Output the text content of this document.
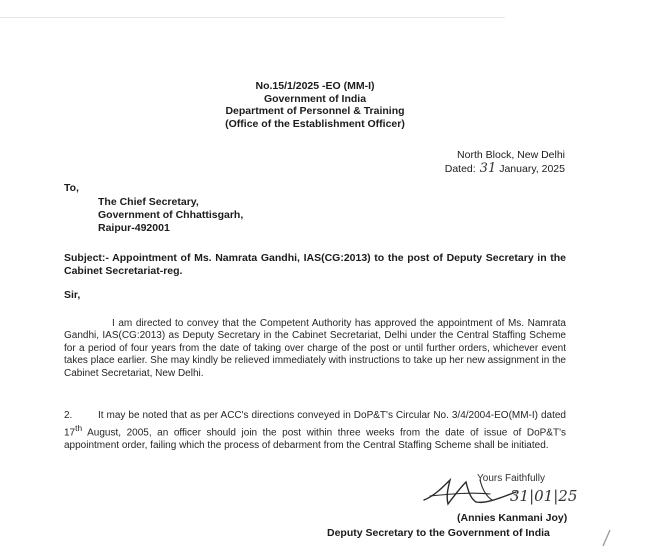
No.15/1/2025 -EO (MM-I)
Government of India
Department of Personnel & Training
(Office of the Establishment Officer)
North Block, New Delhi
Dated: 31 January, 2025
To,
The Chief Secretary,
Government of Chhattisgarh,
Raipur-492001
Subject:- Appointment of Ms. Namrata Gandhi, IAS(CG:2013) to the post of Deputy Secretary in the Cabinet Secretariat-reg.
Sir,
I am directed to convey that the Competent Authority has approved the appointment of Ms. Namrata Gandhi, IAS(CG:2013) as Deputy Secretary in the Cabinet Secretariat, Delhi under the Central Staffing Scheme for a period of four years from the date of taking over charge of the post or until further orders, whichever event takes place earlier. She may kindly be relieved immediately with instructions to take up her new assignment in the Cabinet Secretariat, New Delhi.
2.	It may be noted that as per ACC's directions conveyed in DoP&T's Circular No. 3/4/2004-EO(MM-I) dated 17th August, 2005, an officer should join the post within three weeks from the date of issue of DoP&T's appointment order, failing which the process of debarment from the Central Staffing Scheme shall be initiated.
Yours Faithfully
31|01|25
(Annies Kanmani Joy)
Deputy Secretary to the Government of India
